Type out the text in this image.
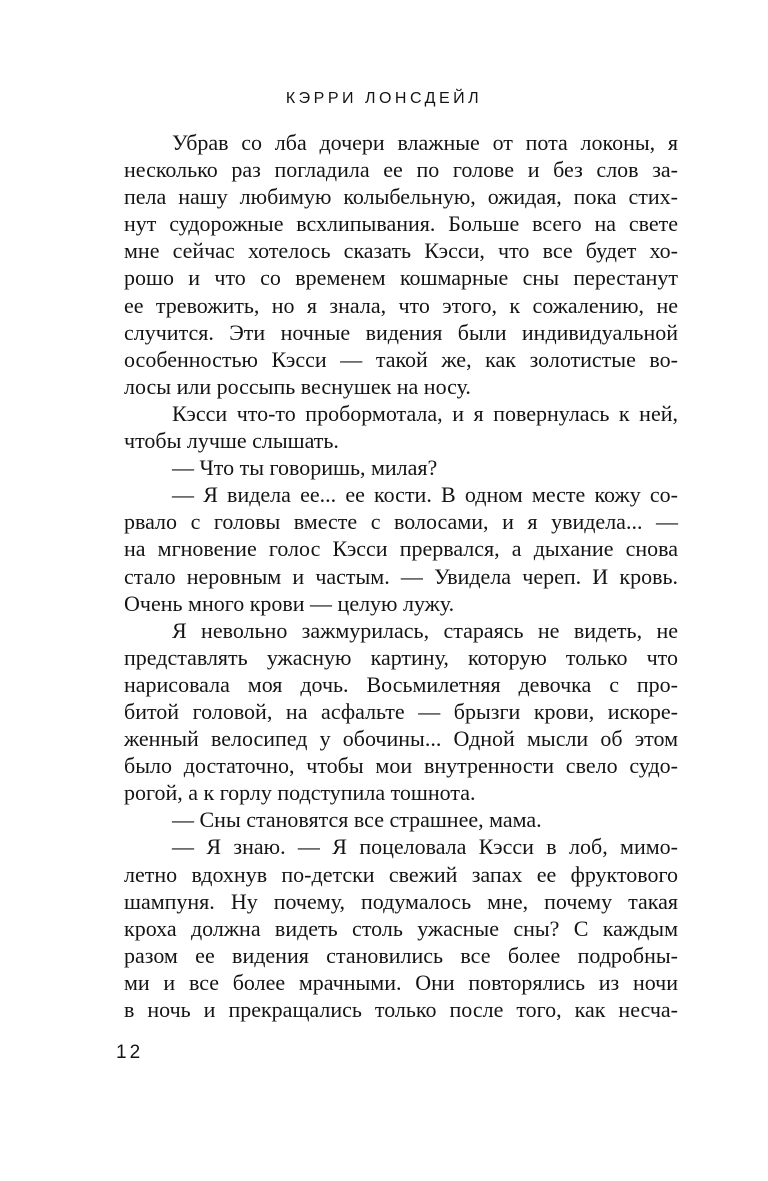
КЭРРИ ЛОНСДЕЙЛ
Убрав со лба дочери влажные от пота локоны, я
несколько раз погладила ее по голове и без слов за-
пела нашу любимую колыбельную, ожидая, пока стих-
нут судорожные всхлипывания. Больше всего на свете
мне сейчас хотелось сказать Кэсси, что все будет хо-
рошо и что со временем кошмарные сны перестанут
ее тревожить, но я знала, что этого, к сожалению, не
случится. Эти ночные видения были индивидуальной
особенностью Кэсси — такой же, как золотистые во-
лосы или россыпь веснушек на носу.
Кэсси что-то пробормотала, и я повернулась к ней,
чтобы лучше слышать.
— Что ты говоришь, милая?
— Я видела ее... ее кости. В одном месте кожу со-
рвало с головы вместе с волосами, и я увидела... —
на мгновение голос Кэсси прервался, а дыхание снова
стало неровным и частым. — Увидела череп. И кровь.
Очень много крови — целую лужу.
Я невольно зажмурилась, стараясь не видеть, не
представлять ужасную картину, которую только что
нарисовала моя дочь. Восьмилетняя девочка с про-
битой головой, на асфальте — брызги крови, искоре-
женный велосипед у обочины... Одной мысли об этом
было достаточно, чтобы мои внутренности свело судо-
рогой, а к горлу подступила тошнота.
— Сны становятся все страшнее, мама.
— Я знаю. — Я поцеловала Кэсси в лоб, мимо-
летно вдохнув по-детски свежий запах ее фруктового
шампуня. Ну почему, подумалось мне, почему такая
кроха должна видеть столь ужасные сны? С каждым
разом ее видения становились все более подробны-
ми и все более мрачными. Они повторялись из ночи
в ночь и прекращались только после того, как несча-
12
